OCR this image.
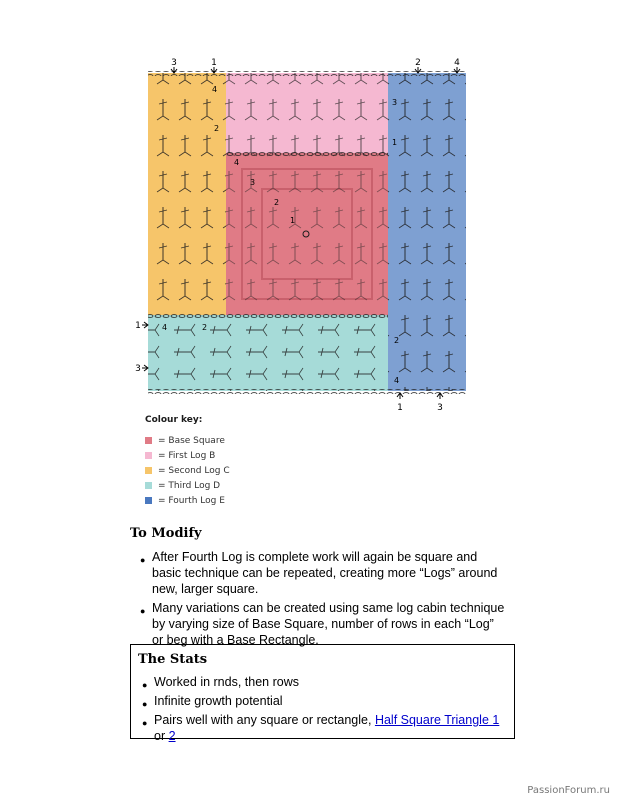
3	1	2	4
1
3
1	3
4
2
3
1
4
3
2
1
4	2
2
4
Colour key:
= Base Square
= First Log B
= Second Log C
= Third Log D
= Fourth Log E
To Modify
● After Fourth Log is complete work will again be square and basic technique can be repeated, creating more “Logs” around new, larger square.
● Many variations can be created using same log cabin technique by varying size of Base Square, number of rows in each “Log” or beg with a Base Rectangle.
The Stats
● Worked in rnds, then rows
● Infinite growth potential
● Pairs well with any square or rectangle, Half Square Triangle 1 or 2
PassionForum.ru
